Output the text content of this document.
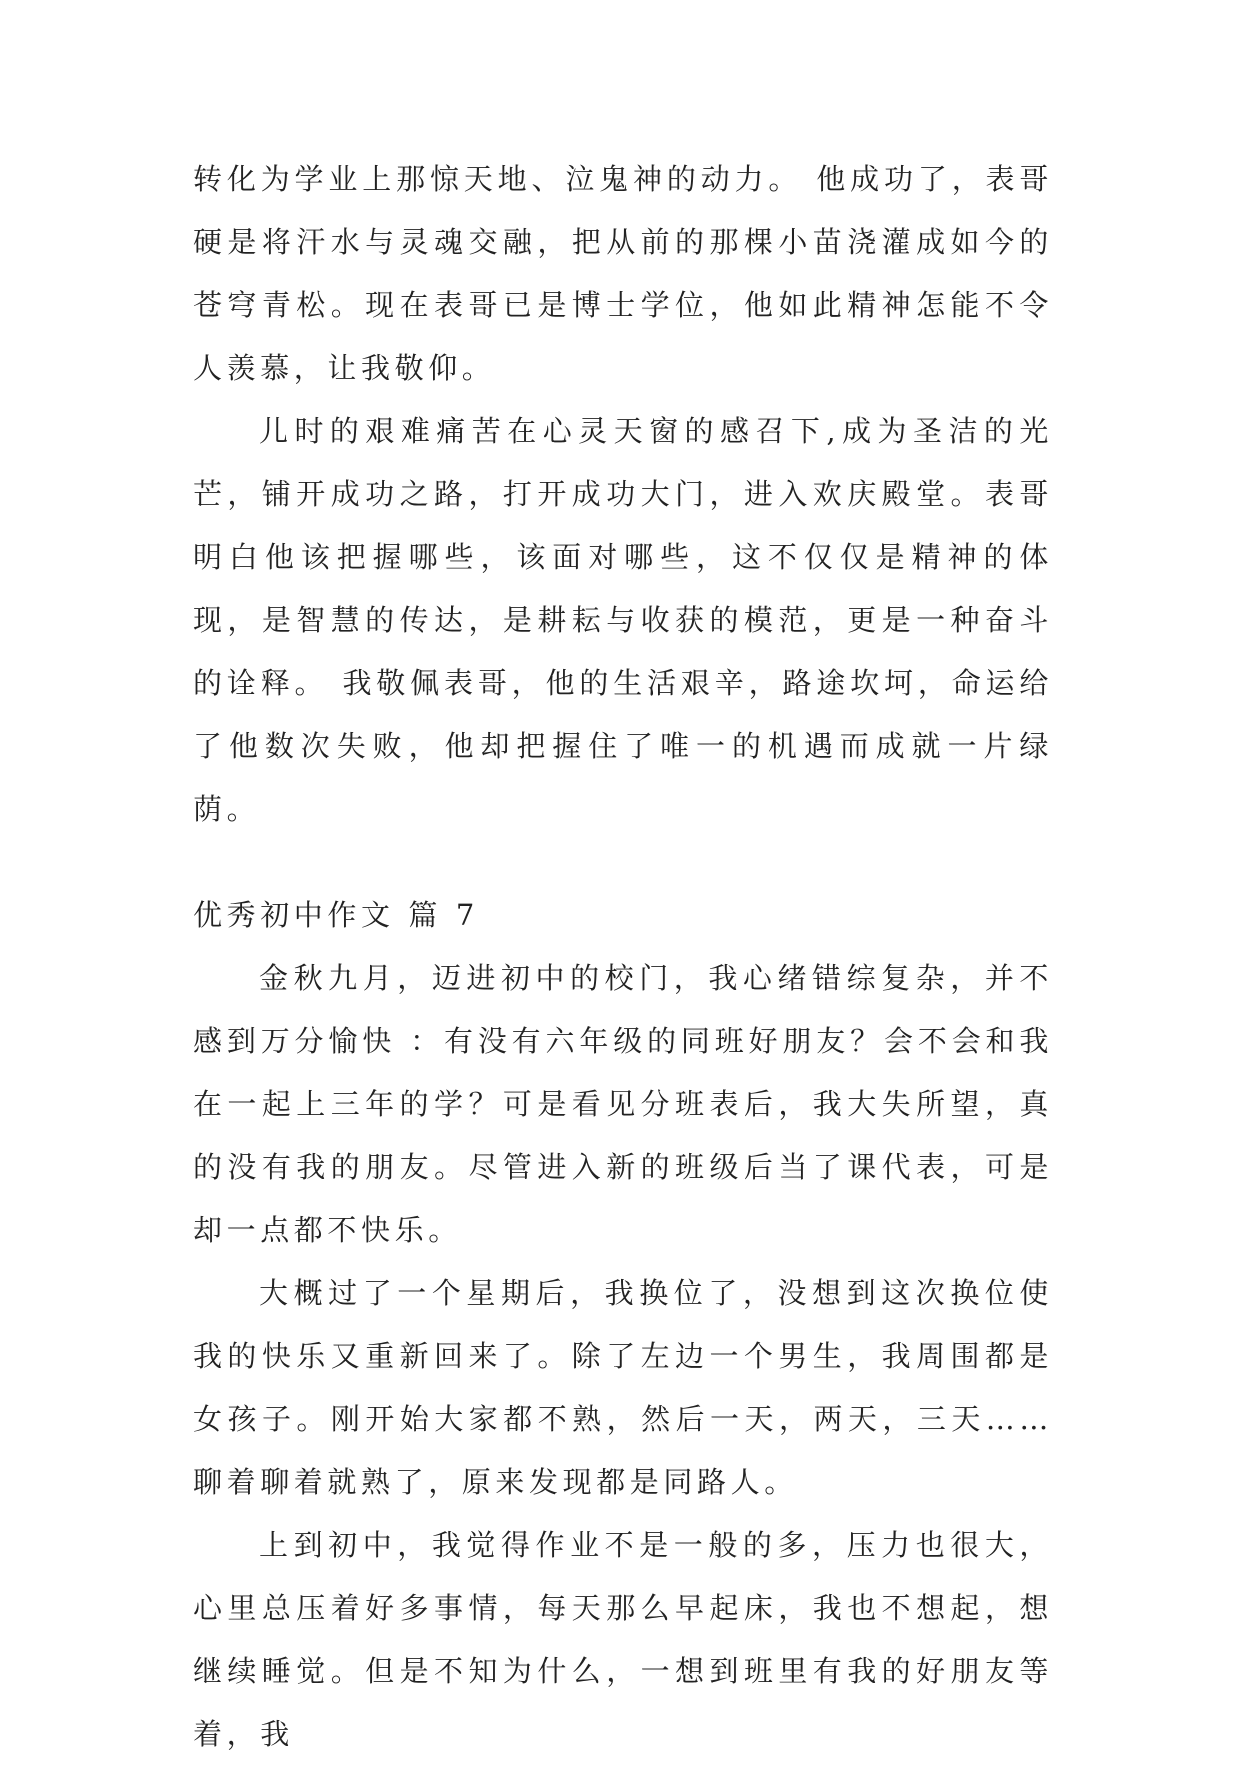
转化为学业上那惊天地、泣鬼神的动力。 他成功了，表哥硬是将汗水与灵魂交融，把从前的那棵小苗浇灌成如今的苍穹青松。现在表哥已是博士学位，他如此精神怎能不令人羡慕，让我敬仰。

儿时的艰难痛苦在心灵天窗的感召下,成为圣洁的光芒，铺开成功之路，打开成功大门，进入欢庆殿堂。表哥明白他该把握哪些，该面对哪些，这不仅仅是精神的体现，是智慧的传达，是耕耘与收获的模范，更是一种奋斗的诠释。 我敬佩表哥，他的生活艰辛，路途坎坷，命运给了他数次失败，他却把握住了唯一的机遇而成就一片绿荫。

优秀初中作文 篇 7

金秋九月，迈进初中的校门，我心绪错综复杂，并不感到万分愉快 ：有没有六年级的同班好朋友？会不会和我在一起上三年的学？可是看见分班表后，我大失所望，真的没有我的朋友。尽管进入新的班级后当了课代表，可是却一点都不快乐。

大概过了一个星期后，我换位了，没想到这次换位使我的快乐又重新回来了。除了左边一个男生，我周围都是女孩子。刚开始大家都不熟，然后一天，两天，三天……聊着聊着就熟了，原来发现都是同路人。

上到初中，我觉得作业不是一般的多，压力也很大，心里总压着好多事情，每天那么早起床，我也不想起，想继续睡觉。但是不知为什么，一想到班里有我的好朋友等着，我
